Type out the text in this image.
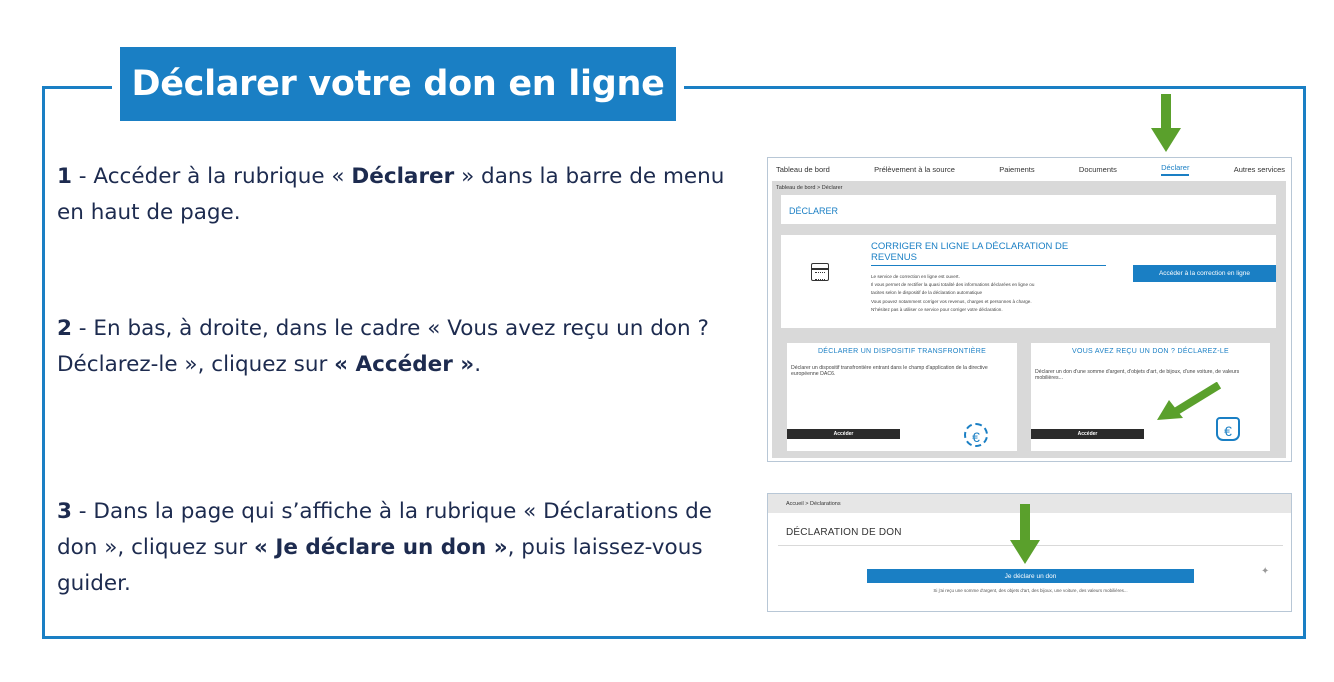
Déclarer votre don en ligne
1 - Accéder à la rubrique « Déclarer » dans la barre de menu en haut de page.
2 - En bas, à droite, dans le cadre « Vous avez reçu un don ? Déclarez-le », cliquez sur « Accéder ».
3 - Dans la page qui s’affiche à la rubrique « Déclarations de don », cliquez sur « Je déclare un don », puis laissez-vous guider.
Tableau de bord	Prélèvement à la source	Paiements	Documents	Déclarer	Autres services
Tableau de bord > Déclarer
DÉCLARER
CORRIGER EN LIGNE LA DÉCLARATION DE REVENUS
Le service de correction en ligne est ouvert.
Il vous permet de rectifier la quasi totalité des informations déclarées en ligne ou
tacites selon le dispositif de la déclaration automatique
Vous pouvez notamment corriger vos revenus, charges et personnes à charge.
N'hésitez pas à utiliser ce service pour corriger votre déclaration.
Accéder à la correction en ligne
DÉCLARER UN DISPOSITIF TRANSFRONTIÈRE
Déclarer un dispositif transfrontière entrant dans le champ d'application de la directive européenne DAC6.
Accéder	€
VOUS AVEZ REÇU UN DON ? DÉCLAREZ-LE
Déclarer un don d'une somme d'argent, d'objets d'art, de bijoux, d'une voiture, de valeurs mobilières...
Accéder	€
Accueil > Déclarations
DÉCLARATION DE DON
Je déclare un don
Si j'ai reçu une somme d'argent, des objets d'art, des bijoux, une voiture, des valeurs mobilières...
✦
